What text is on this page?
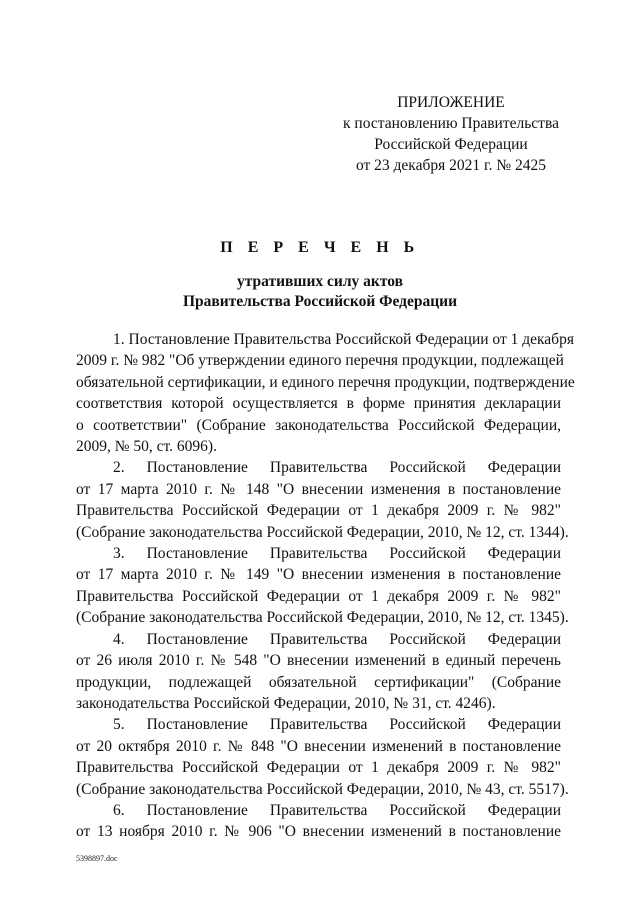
ПРИЛОЖЕНИЕ
к постановлению Правительства
Российской Федерации
от 23 декабря 2021 г. № 2425
П Е Р Е Ч Е Н Ь
утративших силу актов
Правительства Российской Федерации
1. Постановление Правительства Российской Федерации от 1 декабря
2009 г. № 982 "Об утверждении единого перечня продукции, подлежащей
обязательной сертификации, и единого перечня продукции, подтверждение
соответствия которой осуществляется в форме принятия декларации
о соответствии" (Собрание законодательства Российской Федерации,
2009, № 50, ст. 6096).
2. Постановление Правительства Российской Федерации
от 17 марта 2010 г. № 148 "О внесении изменения в постановление
Правительства Российской Федерации от 1 декабря 2009 г. № 982"
(Собрание законодательства Российской Федерации, 2010, № 12, ст. 1344).
3. Постановление Правительства Российской Федерации
от 17 марта 2010 г. № 149 "О внесении изменения в постановление
Правительства Российской Федерации от 1 декабря 2009 г. № 982"
(Собрание законодательства Российской Федерации, 2010, № 12, ст. 1345).
4. Постановление Правительства Российской Федерации
от 26 июля 2010 г. № 548 "О внесении изменений в единый перечень
продукции, подлежащей обязательной сертификации" (Собрание
законодательства Российской Федерации, 2010, № 31, ст. 4246).
5. Постановление Правительства Российской Федерации
от 20 октября 2010 г. № 848 "О внесении изменений в постановление
Правительства Российской Федерации от 1 декабря 2009 г. № 982"
(Собрание законодательства Российской Федерации, 2010, № 43, ст. 5517).
6. Постановление Правительства Российской Федерации
от 13 ноября 2010 г. № 906 "О внесении изменений в постановление
5398897.doc
